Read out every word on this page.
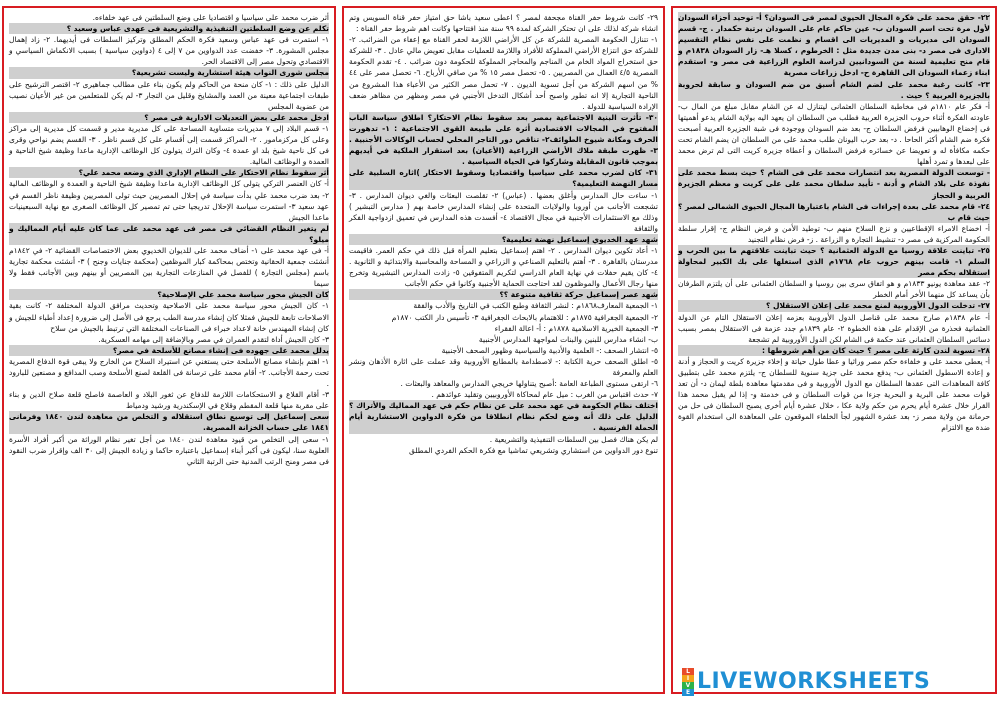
٢٢- حقق محمد على فكرة المجال الحيوى لمصر فى السودان؟ أ- توحيد أجزاء السودان لأول مرة تحت اسم السودان ب- عين حاكم عام على السودان برتبة حكمدار . ج- قسم السودان الى مديريات و المديريات الى اقسام و نظمت على نفس نظام التقسيم الادارى فى مصر د- بنى مدن جديدة مثل : الخرطوم ، كسلا هـ- زار السودان ١٨٣٨م و قام منح تعليمية لسنة من السودانيين لدراسة العلوم الزراعية فى مصر و- استقدم ابناء زعماء السودان الى القاهرة ح- ادخل زراعات مصرية

٢٣- كانت رغبة محمد على لضم الشام أسبق من ضم السودان و سابقة لحروبة بالجزيرة العربية ؟ حيث .

أ- فكر عام ١٨١٠م فى مخاطبة السلطان العثمانى ليتنازل له عن الشام مقابل مبلغ من المال ب- عاودته الفكرة أثناء حروب الجزيرة العربية فطلب من السلطان ان يعهد اليه بولاية الشام يدعو أهميتها فى إخضاع الوهابيين فرفض السلطان ج- بعد ضم السودان ووجودة فى شبة الجزيرة العربية أصبحت فكرة ضم الشام أكثر الحاحا . د- بعد حرب اليونان طلب محمد على من السلطان ان يضم الشام تحت حكمه مكافأة له و تعويضا عن خسائره فرفض السلطان و أعطاة جزيرة كريت التى لم ترض محمد على لبعدها و تمرد أهلها

- توسعت الدولة المصرية بعد انتصارات محمد على فى الشام ؟ حيث بسط محمد على نفوذة على بلاد الشام و أدنة - تأييد سلطان محمد على على كريت و معظم الجزيرة العربية و الحجاز

٢٤- قام محمد على بعدة إجراءات فى الشام باعتبارها المجال الحيوى الشمالى لمصر ؟ حيث قام ب

أ- اخضاع الامراء الإقطاعيين و نزع السلاح منهم ب- توطيد الأمن و فرض النظام ج- إقرار سلطة الحكومة المركزية فى مصر د- تنشيط التجارة و الزراعة . ز- فرض نظام التجنيد

٢٥- تباينت علاقة روسيا مع الدولة العثمانية ؟ حيث تباينت علاقتهم ما بين الحرب و السلم ١- قامت بينهم حروب عام ١٧٦٨م الذى استغلها على بك الكبير لمحاولة استقلاله بحكم مصر

٢- عقد معاهدة يونيو ١٨٣٣م و هو اتفاق سرى بين روسيا و السلطان العثمانى على أن يلتزم الطرفان بأن يساعد كل منهما الأخر أمام الخطر

٢٧- تدخلت الدول الأوروبية لمنع محمد على إعلان الاستقلال ؟

أ- عام ١٨٣٨م صارح محمد على قناصل الدول الأوروبية بعزمه إعلان الاستقلال التام عن الدولة العثمانية فحذرة من الإقدام على هذة الخطوة ٢- عام ١٨٣٩م جدد عزمة فى الاستقلال بمصر بسبب دسائس السلطان العثمانى عند حكمة فى الشام لكن الدول الأوروبية لم تشجعة

٢٨- تسوية لندن كارثة على مصر ؟ حيث كان من أهم شروطها :

أ- يعطى محمد على و خلفاءة حكم مصر وراثيا و عطا طول حياتة و إخلاء جزيرة كريت و الحجاز و أدنة و إعادة الاسطول العثمانى ب- يدفع محمد على جزية سنوية للسلطان ج- يلتزم محمد على بتطبيق كافة المعاهدات التى عقدها السلطان مع الدول الأوروبية و فى مقدمتها معاهدة بلطة ليمان د- أن تعد قوات محمد على البرية و البحرية جزءا من قوات السلطان و فى خدمتة و- إذا لم يقبل محمد هذا القرار خلال عشرة أيام يحرم من حكم ولاية عكا ، خلال عشرة أيام أخرى يصبح السلطان فى حل من حرمانة من ولاية مصر ز- بعد عشرة الشهور لجأ الخلفاء الموقعون على المعاهدة الى استخدام القوة ضدة مع الالتزام

٢٩- كانت شروط حفر القناة مجحفة لمصر ؟ اعطى سعيد باشا حق امتياز حفر قناة السويس وتم انشاء شركة لذلك على ان تحتكر الشركة لمدة ٩٩ سنة منذ افتتاحها وكانت اهم شروط حفر القناة :

١- تتنازل الحكومة المصرية للشركة عن كل الأراضي اللازمة لحفر القناة مع إعفاء من الضرائب. ٢- للشركة حق انتزاع الأراضي المملوكة للأفراد واللازمة للعمليات مقابل تعويض مالي عادل . ٣- للشركة حق استخراج المواد الخام من المناجم والمحاجر المملوكة للحكومة دون ضرائب . ٤- تقدم الحكومة المصرية ٤/٥ العمال من المصريين . ٥- تحصل مصر ١٥ % من صافي الأرباح. ٦- تحصل مصر على ٤٤ % من اسهم الشركة من أجل تسوية الديون . ٧- تحمل مصر الكثير من الأعباء هذا المشروع من الناحية التجارية إلا انه تطور واصبح أحد أشكال التدخل الأجنبي في مصر ومظهر من مظاهر ضعف الإرادة السياسية للدولة .

٣٠- تأثرت البنية الاجتماعية بمصر بعد سقوط نظام الاحتكار؟ اطلاق سياسة الباب المفتوح في المجالات الاقتصادية أثرة على طبيعة القوى الاجتماعية : ١- تدهورت الحرف ومكانة شيوخ الطوائف٢- تناقص دور التاجر المحلي لحساب الوكالات الأجنبية . ٣- ظهرت طبقة ملاك الأراضي الزراعية (الأعيان) بعد استقرار الملكية في أيديهم بموجب قانون المقابلة وشاركوا في الحياة السياسية .

٣١- كان لضرب محمد على سياسيا واقتصاديا وسقوط الاحتكار )اثاره السلبية على مسار النهضة التعليمية؟

١- ساءت حال المدارس وأغلق بعضها . (عباس) ٢- تقلصت البعثات والغي ديوان المدارس . ٣- تشجعت الأجانب من أوروبا والولايات المتحدة على إنشاء المدارس خاصة بهم ( مدارس التبشير ) وذلك مع الاستثمارات الأجنبية في مجال الاقتصاد ٤- أفسدت هذه المدارس في تعميق ازدواجية الفكر والثقافة

شهد عهد الخديوي إسماعيل نهضة تعليمية؟

١- أعاد تكوين ديوان المدارس . ٢- اهتم إسماعيل بتعليم المرأة قبل ذلك في حكم العمر. فاقيمت مدرستان بالقاهرة . ٣- أهتم بالتعليم الصناعي و الزراعي و المساحة والمحاسبة والابتدائية و الثانوية . ٤- كان يقيم حفلات في نهاية العام الدراسي لتكريم المتفوقين ٥- زادت المدارس التبشيرية وتخرج منها رجال الأعمال والموظفون لقد احتاجت الحماية الأجنبية وكانوا في حكم الأجانب

شهد عصر إسماعيل حركة ثقافية متنوعة ؟؟

١- الجمعية المعارف١٨٦٨م : لنشر الثقافة وطبع الكتب في التاريخ والأدب والفقة

٢- الجمعية الجغرافية ١٨٧٥م : للاهتمام بالابحاث الجغرافية ٣- تأسيس دار الكتب ١٨٧٠م

٣- الجمعية الخيرية الاسلامية ١٨٧٨م : أ- اعالة الفقراء

ب- انشاء مدارس للبنين والبنات لمواجهة المدارس الأجنبية

٥- انتشار الصحف :- العلمية والأدبية والسياسية وظهور الصحف الأجنبية

٥- اطلق الصحف حرية الكتابة :- لاصطدامة بالمطابع الأوروبية وقد عملت على اثارة الأذهان ونشر العلم والمعرفة

٦- ارتقى مستوى الطباعة العامة :أصبح يتناولها خريجي المدارس والمعاهد والبعثات .

٧- حدث اقتباس من الغرب : ميل عام لمحاكاة الأوروبيين وتقليد عوائدهم .

اختلف نظام الحكومة في عهد محمد على عن نظام حكم في عهد المماليك والأتراك ؟ الدليل على ذلك أنه وضع لحكم نظام انطلاقا من فكرة الدواوين الاستشارية أيام الحملة الفرنسية .

لم يكن هناك فصل بين السلطات التنفيذية والتشريعية .

تنوع دور الدواوين من استشاري وتشريعي تماشيا مع فكرة الحكم الفردي المطلق

أثر ضرب محمد على سياسيا و اقتصاديا على وضع السلطتين فى عهد خلفاءه.

تكلم عن وضع السلطتين التنفيذية والتشريعية فى عهدى عباس وسعيد ؟

١- استمرت فى عهد عباس وسعيد فكرة الحكم المطلق وتركيز السلطات فى أيديهما. ٢- زاد إهمال مجلس المشورة. ٣- خفضت عدد الدواوين من ٧ إلى ٤ (دواوين سياسية ) بسبب الانكماش السياسي و الاقتصادي وتحول مصر إلى الاقتصاد الحر.

مجلس شورى النواب هيئة استشارية وليست تشريعية؟

الدليل على ذلك : ١- كان منحة من الحاكم ولم يكون بناء على مطالب جماهيرى ٢- اقتصر الترشيح على طبقات اجتماعية معينة من العمد والمشايخ وقليل من التجار ٣- لم يكن للمتعلمين من غير الأعيان نصيب من عضوية المجلس

ادخل محمد على بعض التعديلات الادارية فى مصر ؟

١- قسم البلاد إلى ٧ مديريات متساوية المساحة على كل مديرية مدير و قسمت كل مديرية إلى مراكز وعلى كل مركزمامور . ٢- المراكز قسمت إلى أقسام على كل قسم ناظر . ٣- القسم يضم نواحي وقرى فى كل ناحية شيخ بلد او عمدة ٤- وكان الترك يتولون كل الوظائف الإدارية ماعدا وظيفة شيخ الناحية و العمدة و الوظائف المالية.

أثر سقوط نظام الاحتكار على النظام الإداري الذي وضعه محمد علي؟

أ- كان العنصر التركي يتولى كل الوظائف الإدارية ماعدا وظيفة شيخ الناحية و العمدة و الوظائف المالية ٢- بعد ضرب محمد علي بدأت سياسة في إحلال المصريين حيث تولى المصريين وظيفة ناظر القسم في عهد سعيد ٣- استمرت سياسة الإحلال تدريجيا حتى تم تمصير كل الوظائف الصغرى مع نهاية السبعينيات ماعدا الجيش

لم يتغير النظام القضائي فى مصر فى عهد محمد على عما كان عليه أيام المماليك و ميلو؟

أ- فى عهد محمد على ١- أضاف محمد على للديوان الخديوي بعض الاختصاصات القضائية ٢- في ١٨٤٢م أنشئت جمعية الحقانية وتختص بمحاكمة كبار الموظفين (محكمة جنايات وجنح ) ٣- أنشئت محكمة تجارية باسم (مجلس التجارة ) للفصل في المنازعات التجارية بين المصريين أو بينهم وبين الأجانب فقط ولا سيما

كان الجيش محور سياسة محمد علي الإصلاحية؟

١- كان الجيش محور سياسة محمد على الاصلاحية وتحديث مرافق الدولة المختلفة ٢- كانت بقية الاصلاحات تابعة للجيش فمثلا كان إنشاء مدرسة الطب يرجع فى الأصل إلى ضرورة إعداد أطباء للجيش و كان إنشاء المهندس خانة لاعداد خبراء فى الصناعات المختلفة التي ترتبط بالجيش من سلاح

٣- كان الجيش أداة لتقدم العمران في مصر وبالإضافة إلى مهامه العسكرية.

يدلل محمد على جهوده فى إنشاء مصانع للأسلحة في مصر؟

١- اهتم بإنشاء مصانع الأسلحة حتى يستغني عن استيراد السلاح من الخارج ولا يبقى قوة الدفاع المصرية تحت رحمة الأجانب. ٢- أقام محمد على ترسانة فى القلعة لصنع الأسلحة وصب المدافع و مصنعين للبارود .

٣- أقام القلاع و الاستحكامات اللازمة للدفاع عن ثغور البلاد و العاصمة فاصلح قلعة صلاح الدين و بناء على مقربة منها قلعة المقطم وقلاع في الإسكندرية ورشيد ودمياط

سعى إسماعيل إلى توسيع نطاق استقلاله و التخلص من معاهدة لندن ١٨٤٠ وفرمانى ١٨٤١ على حساب الخزانة المصرية.

١- سعى إلى التخلص من قيود معاهدة لندن ١٨٤٠ من أجل تغير نظام الوراثة من أكبر أفراد الأسرة العلوية سنا، ليكون فى أكبر أبناء إسماعيل باعتباره حاكما و زيادة الجيش إلى ٣٠ الف وإقرار ضرب النقود فى مصر ومنح الرتب المدنية حتى الرتبة الثاني

L
I
V
E LIVEWORKSHEETS
